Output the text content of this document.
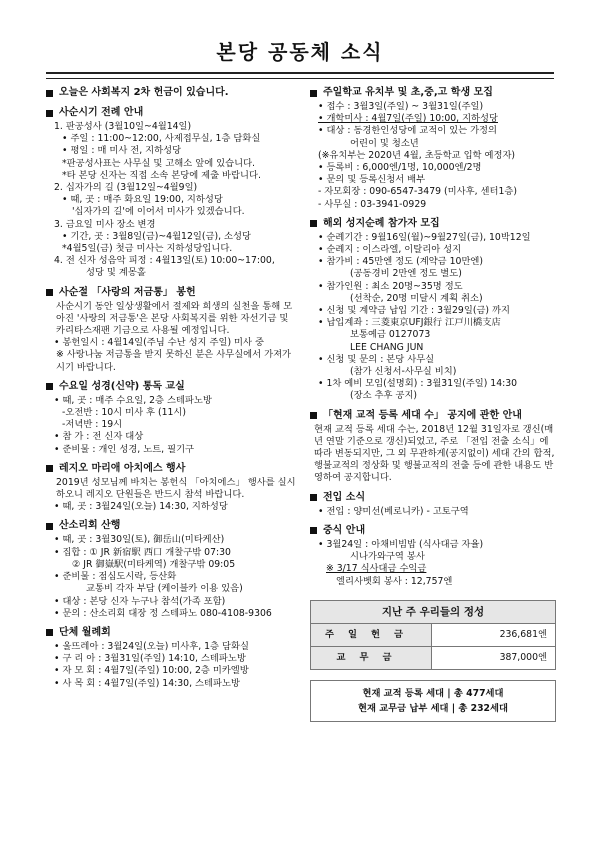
본당 공동체 소식
오늘은 사회복지 2차 헌금이 있습니다.
사순시기 전례 안내
1. 판공성사 (3월10일~4월14일)
• 주일 : 11:00~12:00, 사제접무실, 1층 담화실
• 평일 : 매 미사 전, 지하성당
*판공성사표는 사무실 및 고해소 앞에 있습니다.
*타 본당 신자는 직접 소속 본당에 제출 바랍니다.
2. 십자가의 길 (3월12일~4월9일)
• 때, 곳 : 매주 화요일 19:00, 지하성당
'십자가의 길'에 이어서 미사가 있겠습니다.
3. 금요일 미사 장소 변경
• 기간, 곳 : 3월8일(금)~4월12일(금), 소성당
*4월5일(금) 첫금 미사는 지하성당입니다.
4. 전 신자 성음악 피정 : 4월13일(토) 10:00~17:00,
성당 및 계몽홀
사순절 「사랑의 저금통」 봉헌
사순시기 동안 일상생활에서 절제와 희생의 실천을 통해 모아진 '사랑의 저금통'은 본당 사회복지를 위한 자선기금 및 카리타스재팬 기금으로 사용될 예정입니다.
• 봉헌일시 : 4월14일(주님 수난 성지 주일) 미사 중
※ 사랑나눔 저금통을 받지 못하신 분은 사무실에서 가져가시기 바랍니다.
수요일 성경(신약) 통독 교실
• 때, 곳 : 매주 수요일, 2층 스테파노방
-오전반 : 10시 미사 후 (11시)
-저녁반 : 19시
• 참 가 : 전 신자 대상
• 준비물 : 개인 성경, 노트, 필기구
레지오 마리애 아치에스 행사
2019년 성모님께 바치는 봉헌식 「아치에스」 행사를 실시하오니 레지오 단원들은 반드시 참석 바랍니다.
• 때, 곳 : 3월24일(오늘) 14:30, 지하성당
산소리회 산행
• 때, 곳 : 3월30일(토), 御岳山(미타케산)
• 집합 : ① JR 新宿駅 西口 개찰구밖 07:30
② JR 御嶽駅(미타케역) 개찰구밖 09:05
• 준비물 : 점심도시락, 등산화
교통비 각자 부담 (케이블카 이용 있음)
• 대상 : 본당 신자 누구나 참석(가족 포함)
• 문의 : 산소리회 대장 정 스테파노 080-4108-9306
단체 월례회
• 울뜨레아 : 3월24일(오늘) 미사후, 1층 담화실
• 구 리 아 : 3월31일(주일) 14:10, 스테파노방
• 자 모 회 : 4월7일(주일) 10:00, 2층 미카엘방
• 사 목 회 : 4월7일(주일) 14:30, 스테파노방
주일학교 유치부 및 초,중,고 학생 모집
• 접수 : 3월3일(주일) ~ 3월31일(주일)
• 개학미사 : 4월7일(주일) 10:00, 지하성당
• 대상 : 동경한인성당에 교적이 있는 가정의
어린이 및 청소년
(※유치부는 2020년 4월, 초등학교 입학 예정자)
• 등록비 : 6,000엔/1명, 10,000엔/2명
• 문의 및 등록신청서 배부
- 자모회장 : 090-6547-3479 (미사후, 센터1층)
- 사무실 : 03-3941-0929
해외 성지순례 참가자 모집
• 순례기간 : 9월16일(월)~9월27일(금), 10박12일
• 순례지 : 이스라엘, 이탈리아 성지
• 참가비 : 45만엔 정도 (계약금 10만엔)
(공동경비 2만엔 정도 별도)
• 참가인원 : 최소 20명~35명 정도
(선착순, 20명 미달시 계획 취소)
• 신청 및 계약금 납입 기간 : 3월29일(금) 까지
• 납입계좌 : 三菱東京UFJ銀行 江戸川橋支店
보통예금 0127073
LEE CHANG JUN
• 신청 및 문의 : 본당 사무실
(참가 신청서-사무실 비치)
• 1차 예비 모임(설명회) : 3월31일(주일) 14:30
(장소 추후 공지)
「현재 교적 등록 세대 수」 공지에 관한 안내
현재 교적 등록 세대 수는, 2018년 12월 31일자로 갱신(매년 연말 기준으로 갱신)되었고, 주로 「전입 전출 소식」에 따라 변동되지만, 그 외 무관하게(공지없이) 세대 간의 합적, 행불교적의 정상화 및 행불교적의 전출 등에 관한 내용도 반영하여 공지합니다.
전입 소식
• 전입 : 양미선(베로니카) - 고토구역
중식 안내
• 3월24일 : 아채비빔밥 (식사대금 자율)
시나가와구역 봉사
※ 3/17 식사대금 수익금
엘리사벳회 봉사 : 12,757엔
지난 주 우리들의 정성
주일헌금	236,681엔
교무금	387,000엔
현재 교적 등록 세대 | 총 477세대
현재 교무금 납부 세대 | 총 232세대
